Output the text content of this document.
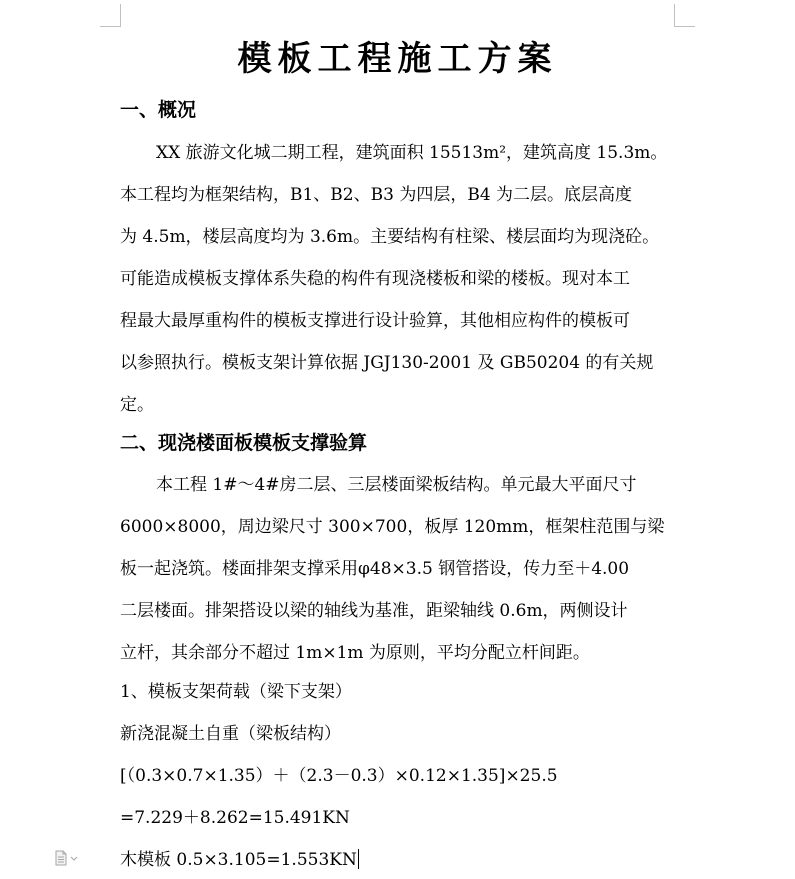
模板工程施工方案
一、概况
XX 旅游文化城二期工程，建筑面积 15513m²，建筑高度 15.3m。
本工程均为框架结构，B1、B2、B3 为四层，B4 为二层。底层高度
为 4.5m，楼层高度均为 3.6m。主要结构有柱梁、楼层面均为现浇砼。
可能造成模板支撑体系失稳的构件有现浇楼板和梁的楼板。现对本工
程最大最厚重构件的模板支撑进行设计验算，其他相应构件的模板可
以参照执行。模板支架计算依据 JGJ130-2001 及 GB50204 的有关规
定。
二、现浇楼面板模板支撑验算
本工程 1#～4#房二层、三层楼面梁板结构。单元最大平面尺寸
6000×8000，周边梁尺寸 300×700，板厚 120mm，框架柱范围与梁
板一起浇筑。楼面排架支撑采用φ48×3.5 钢管搭设，传力至＋4.00
二层楼面。排架搭设以梁的轴线为基准，距梁轴线 0.6m，两侧设计
立杆，其余部分不超过 1m×1m 为原则，平均分配立杆间距。
1、模板支架荷载（梁下支架）
新浇混凝土自重（梁板结构）
[（0.3×0.7×1.35）＋（2.3－0.3）×0.12×1.35]×25.5
=7.229＋8.262=15.491KN
木模板 0.5×3.105=1.553KN
